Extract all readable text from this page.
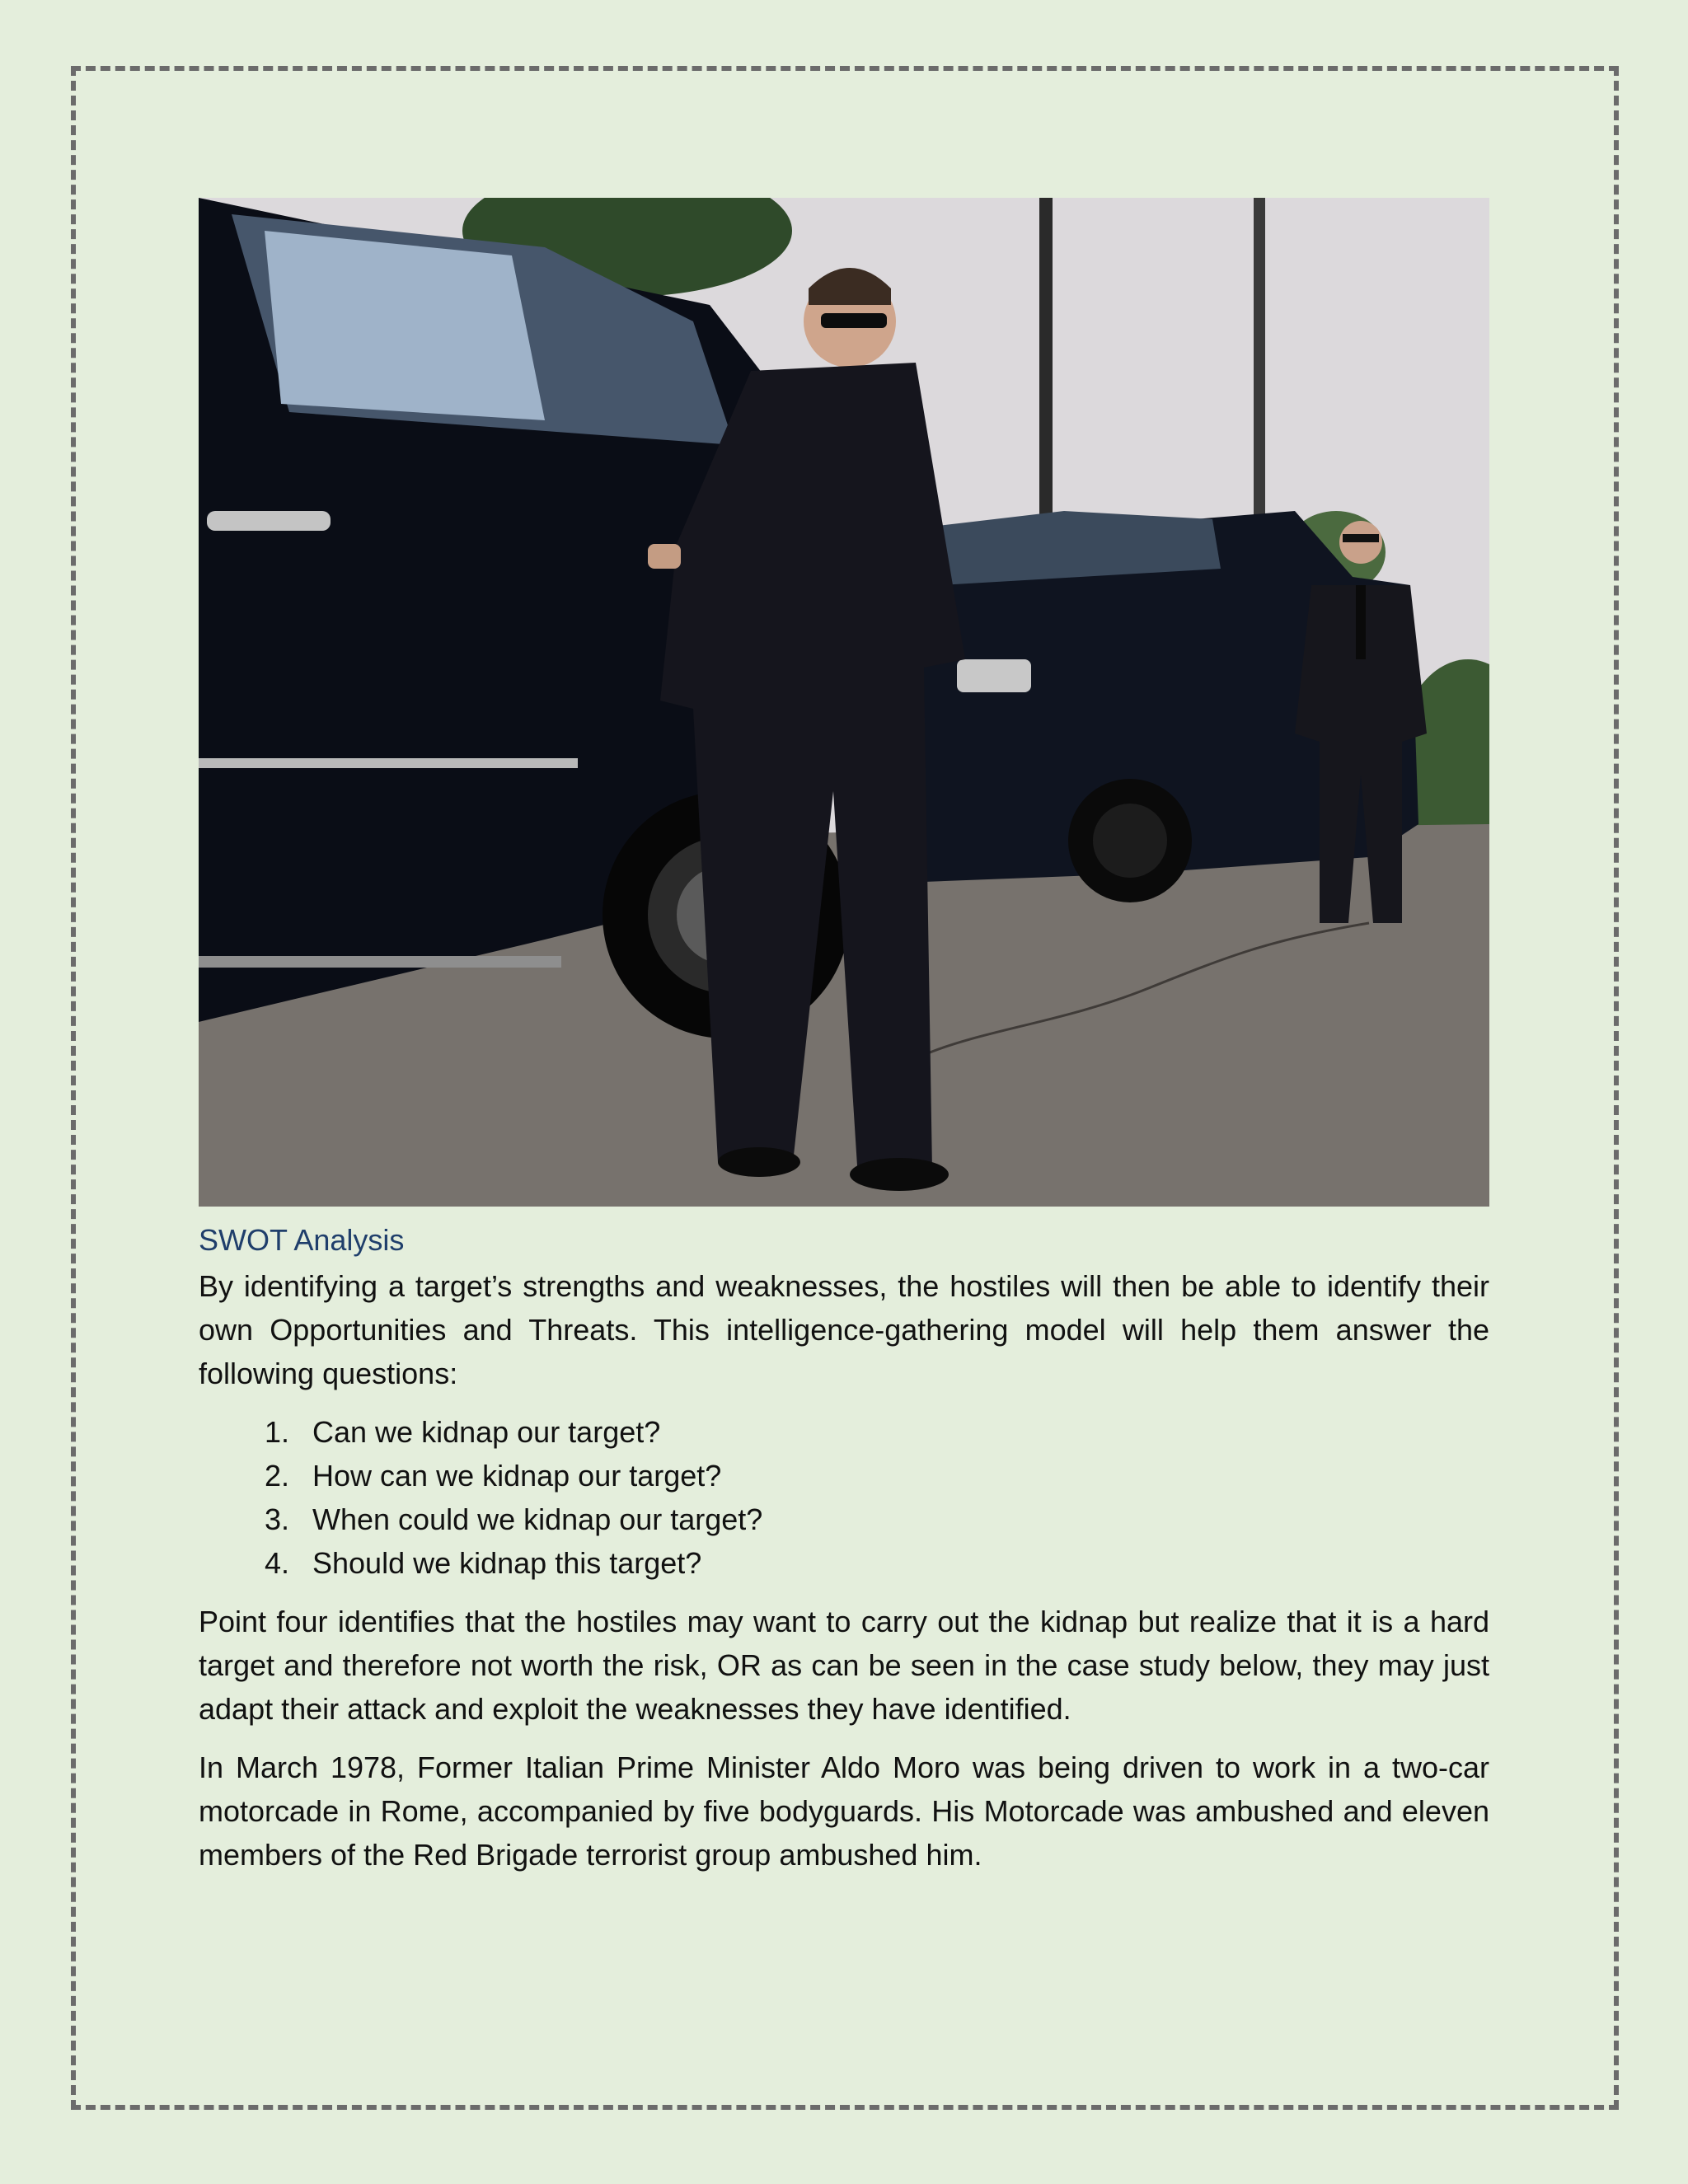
SWOT Analysis

By identifying a target’s strengths and weaknesses, the hostiles will then be able to identify their own Opportunities and Threats. This intelligence-gathering model will help them answer the following questions:

1. Can we kidnap our target?
2. How can we kidnap our target?
3. When could we kidnap our target?
4. Should we kidnap this target?

Point four identifies that the hostiles may want to carry out the kidnap but realize that it is a hard target and therefore not worth the risk, OR as can be seen in the case study below, they may just adapt their attack and exploit the weaknesses they have identified.

In March 1978, Former Italian Prime Minister Aldo Moro was being driven to work in a two-car motorcade in Rome, accompanied by five bodyguards. His Motorcade was ambushed and eleven members of the Red Brigade terrorist group ambushed him.
